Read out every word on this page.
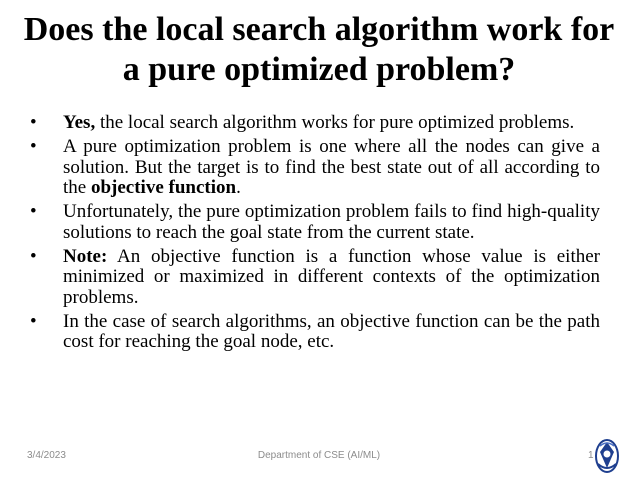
Does the local search algorithm work for a pure optimized problem?
•	Yes, the local search algorithm works for pure optimized problems.
•	A pure optimization problem is one where all the nodes can give a solution. But the target is to find the best state out of all according to the objective function.
•	Unfortunately, the pure optimization problem fails to find high-quality solutions to reach the goal state from the current state.
•	Note: An objective function is a function whose value is either minimized or maximized in different contexts of the optimization problems.
•	In the case of search algorithms, an objective function can be the path cost for reaching the goal node, etc.
3/4/2023	Department of CSE (AI/ML)	1
